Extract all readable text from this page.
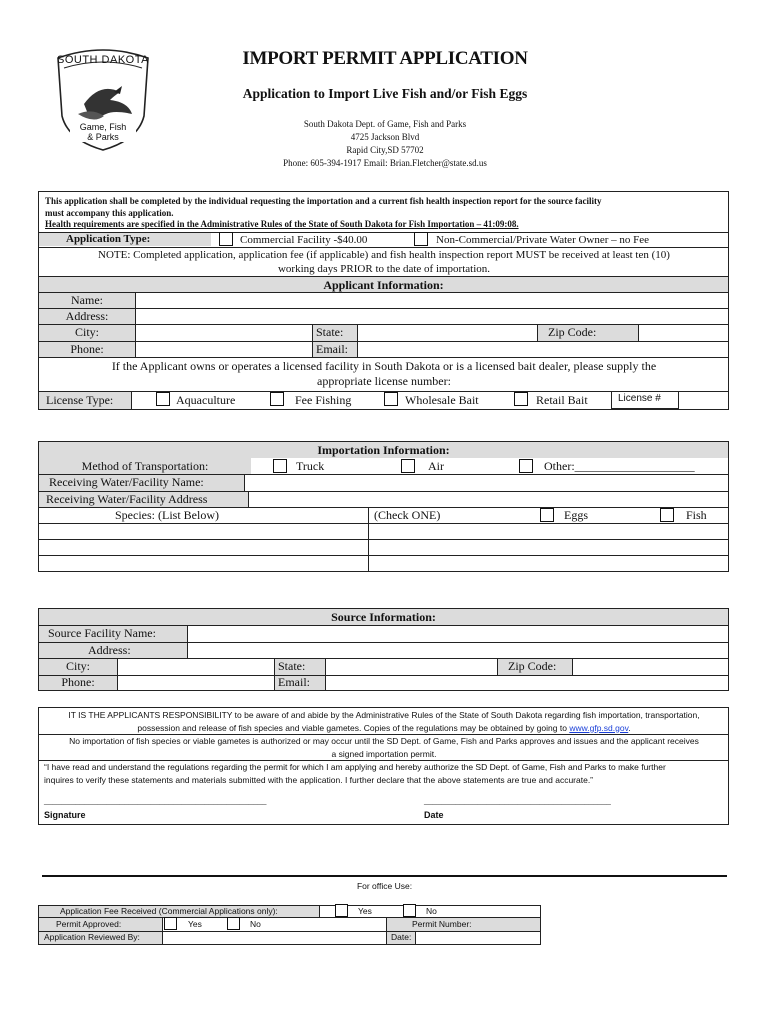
SOUTH DAKOTA
Game, Fish
& Parks
IMPORT PERMIT APPLICATION
Application to Import Live Fish and/or Fish Eggs
South Dakota Dept. of Game, Fish and Parks
4725 Jackson Blvd
Rapid City,SD 57702
Phone: 605-394-1917 Email: Brian.Fletcher@state.sd.us
This application shall be completed by the individual requesting the importation and a current fish health inspection report for the source facility
must accompany this application.
Health requirements are specified in the Administrative Rules of the State of South Dakota for Fish Importation – 41:09:08.
Application Type:	Commercial Facility -$40.00	Non-Commercial/Private Water Owner – no Fee
NOTE: Completed application, application fee (if applicable) and fish health inspection report MUST be received at least ten (10)
working days PRIOR to the date of importation.
Applicant Information:
Name:
Address:
City:	State:	Zip Code:
Phone:	Email:
If the Applicant owns or operates a licensed facility in South Dakota or is a licensed bait dealer, please supply the
appropriate license number:
License Type:	Aquaculture	Fee Fishing	Wholesale Bait	Retail Bait	License #
Importation Information:
Method of Transportation:	Truck	Air	Other:____________________
Receiving Water/Facility Name:
Receiving Water/Facility Address
Species: (List Below)	(Check ONE)	Eggs	Fish
Source Information:
Source Facility Name:
Address:
City:	State:	Zip Code:
Phone:	Email:
IT IS THE APPLICANTS RESPONSIBILITY to be aware of and abide by the Administrative Rules of the State of South Dakota regarding fish importation, transportation,
possession and release of fish species and viable gametes. Copies of the regulations may be obtained by going to www.gfp.sd.gov.
No importation of fish species or viable gametes is authorized or may occur until the SD Dept. of Game, Fish and Parks approves and issues and the applicant receives
a signed importation permit.
“I have read and understand the regulations regarding the permit for which I am applying and hereby authorize the SD Dept. of Game, Fish and Parks to make further
inquires to verify these statements and materials submitted with the application. I further declare that the above statements are true and accurate.”
__________________________________________________	__________________________________________
Signature	Date
For office Use:
Application Fee Received (Commercial Applications only):	Yes	No
Permit Approved:	Yes	No	Permit Number:
Application Reviewed By:	Date:
